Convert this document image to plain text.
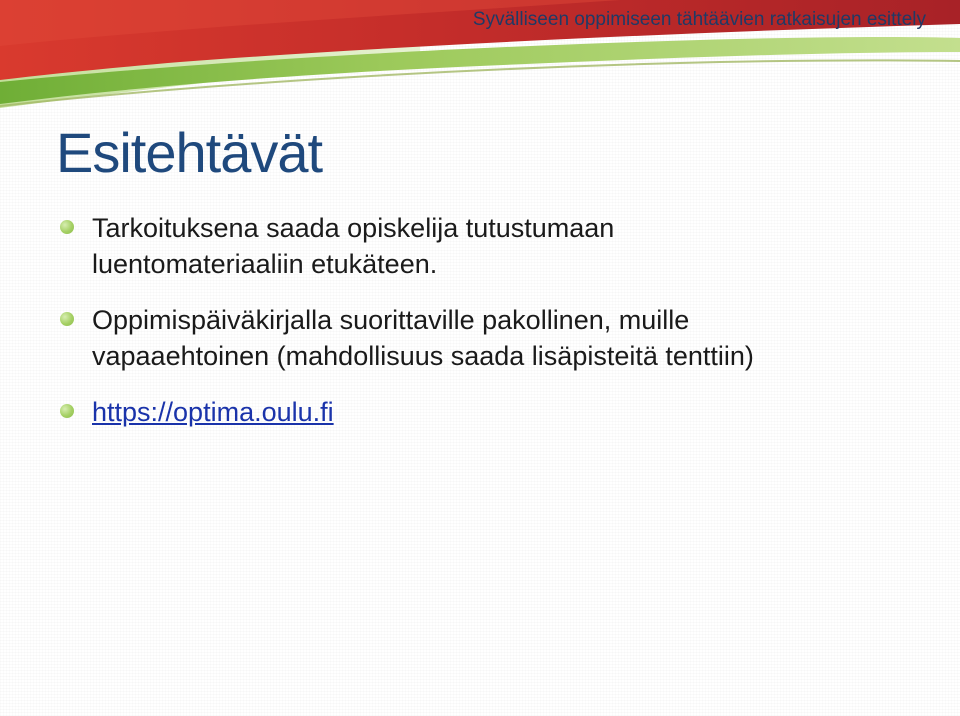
Syvälliseen oppimiseen tähtäävien ratkaisujen esittely
Esitehtävät
Tarkoituksena saada opiskelija tutustumaan
luentomateriaaliin etukäteen.
Oppimispäiväkirjalla suorittaville pakollinen, muille
vapaaehtoinen (mahdollisuus saada lisäpisteitä tenttiin)
https://optima.oulu.fi
